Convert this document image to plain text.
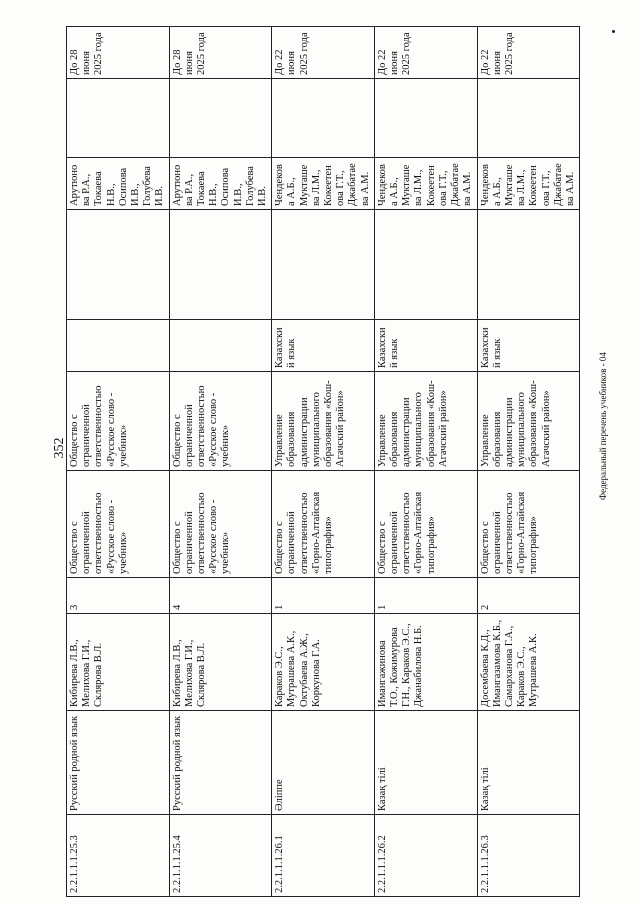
352
2.2.1.1.1.25.3	Русский родной язык	Кибирева Л.В., Мелихова Г.И., Склярова В.Л.	3	Общество с ограниченной ответственностью «Русское слово - учебник»	Общество с ограниченной ответственностью «Русское слово - учебник»			Арутюнова Р.А., Токаева Н.В., Осипова И.В., Голубева И.В.		До 28 июня 2025 года
2.2.1.1.1.25.4	Русский родной язык	Кибирева Л.В., Мелихова Г.И., Склярова В.Л.	4	Общество с ограниченной ответственностью «Русское слово - учебник»	Общество с ограниченной ответственностью «Русское слово - учебник»			Арутюнова Р.А., Токаева Н.В., Осипова И.В., Голубева И.В.		До 28 июня 2025 года
2.2.1.1.1.26.1	Әліппе	Караков Э.С., Мутрашева А.К., Октубаева А.Ж., Коркунова Г.А.	1	Общество с ограниченной ответственностью «Горно-Алтайская типография»	Управление образования администрации муниципального образования «Кош-Агачский район»	Казахский язык		Чендекова А.Б., Мукташева Л.М., Кокеетенова Г.Т., Джабатаева А.М.		До 22 июня 2025 года
2.2.1.1.1.26.2	Казақ тілі	Имангажинова Т.О., Кожимурова Г.Н., Караков Э.С., Джанабилова Н.Б.	1	Общество с ограниченной ответственностью «Горно-Алтайская типография»	Управление образования администрации муниципального образования «Кош-Агачский район»	Казахский язык		Чендекова А.Б., Мукташева Л.М., Кокеетенова Г.Т., Джабатаева А.М.		До 22 июня 2025 года
2.2.1.1.1.26.3	Казақ тілі	Досембаева К.Д., Имангазамова К.Б., Самарханова Г.А., Караков Э.С., Мутрашева А.К.	2	Общество с ограниченной ответственностью «Горно-Алтайская типография»	Управление образования администрации муниципального образования «Кош-Агачский район»	Казахский язык		Чендекова А.Б., Мукташева Л.М., Кокеетенова Г.Т., Джабатаева А.М.		До 22 июня 2025 года
Федеральный перечень учебников - 04
